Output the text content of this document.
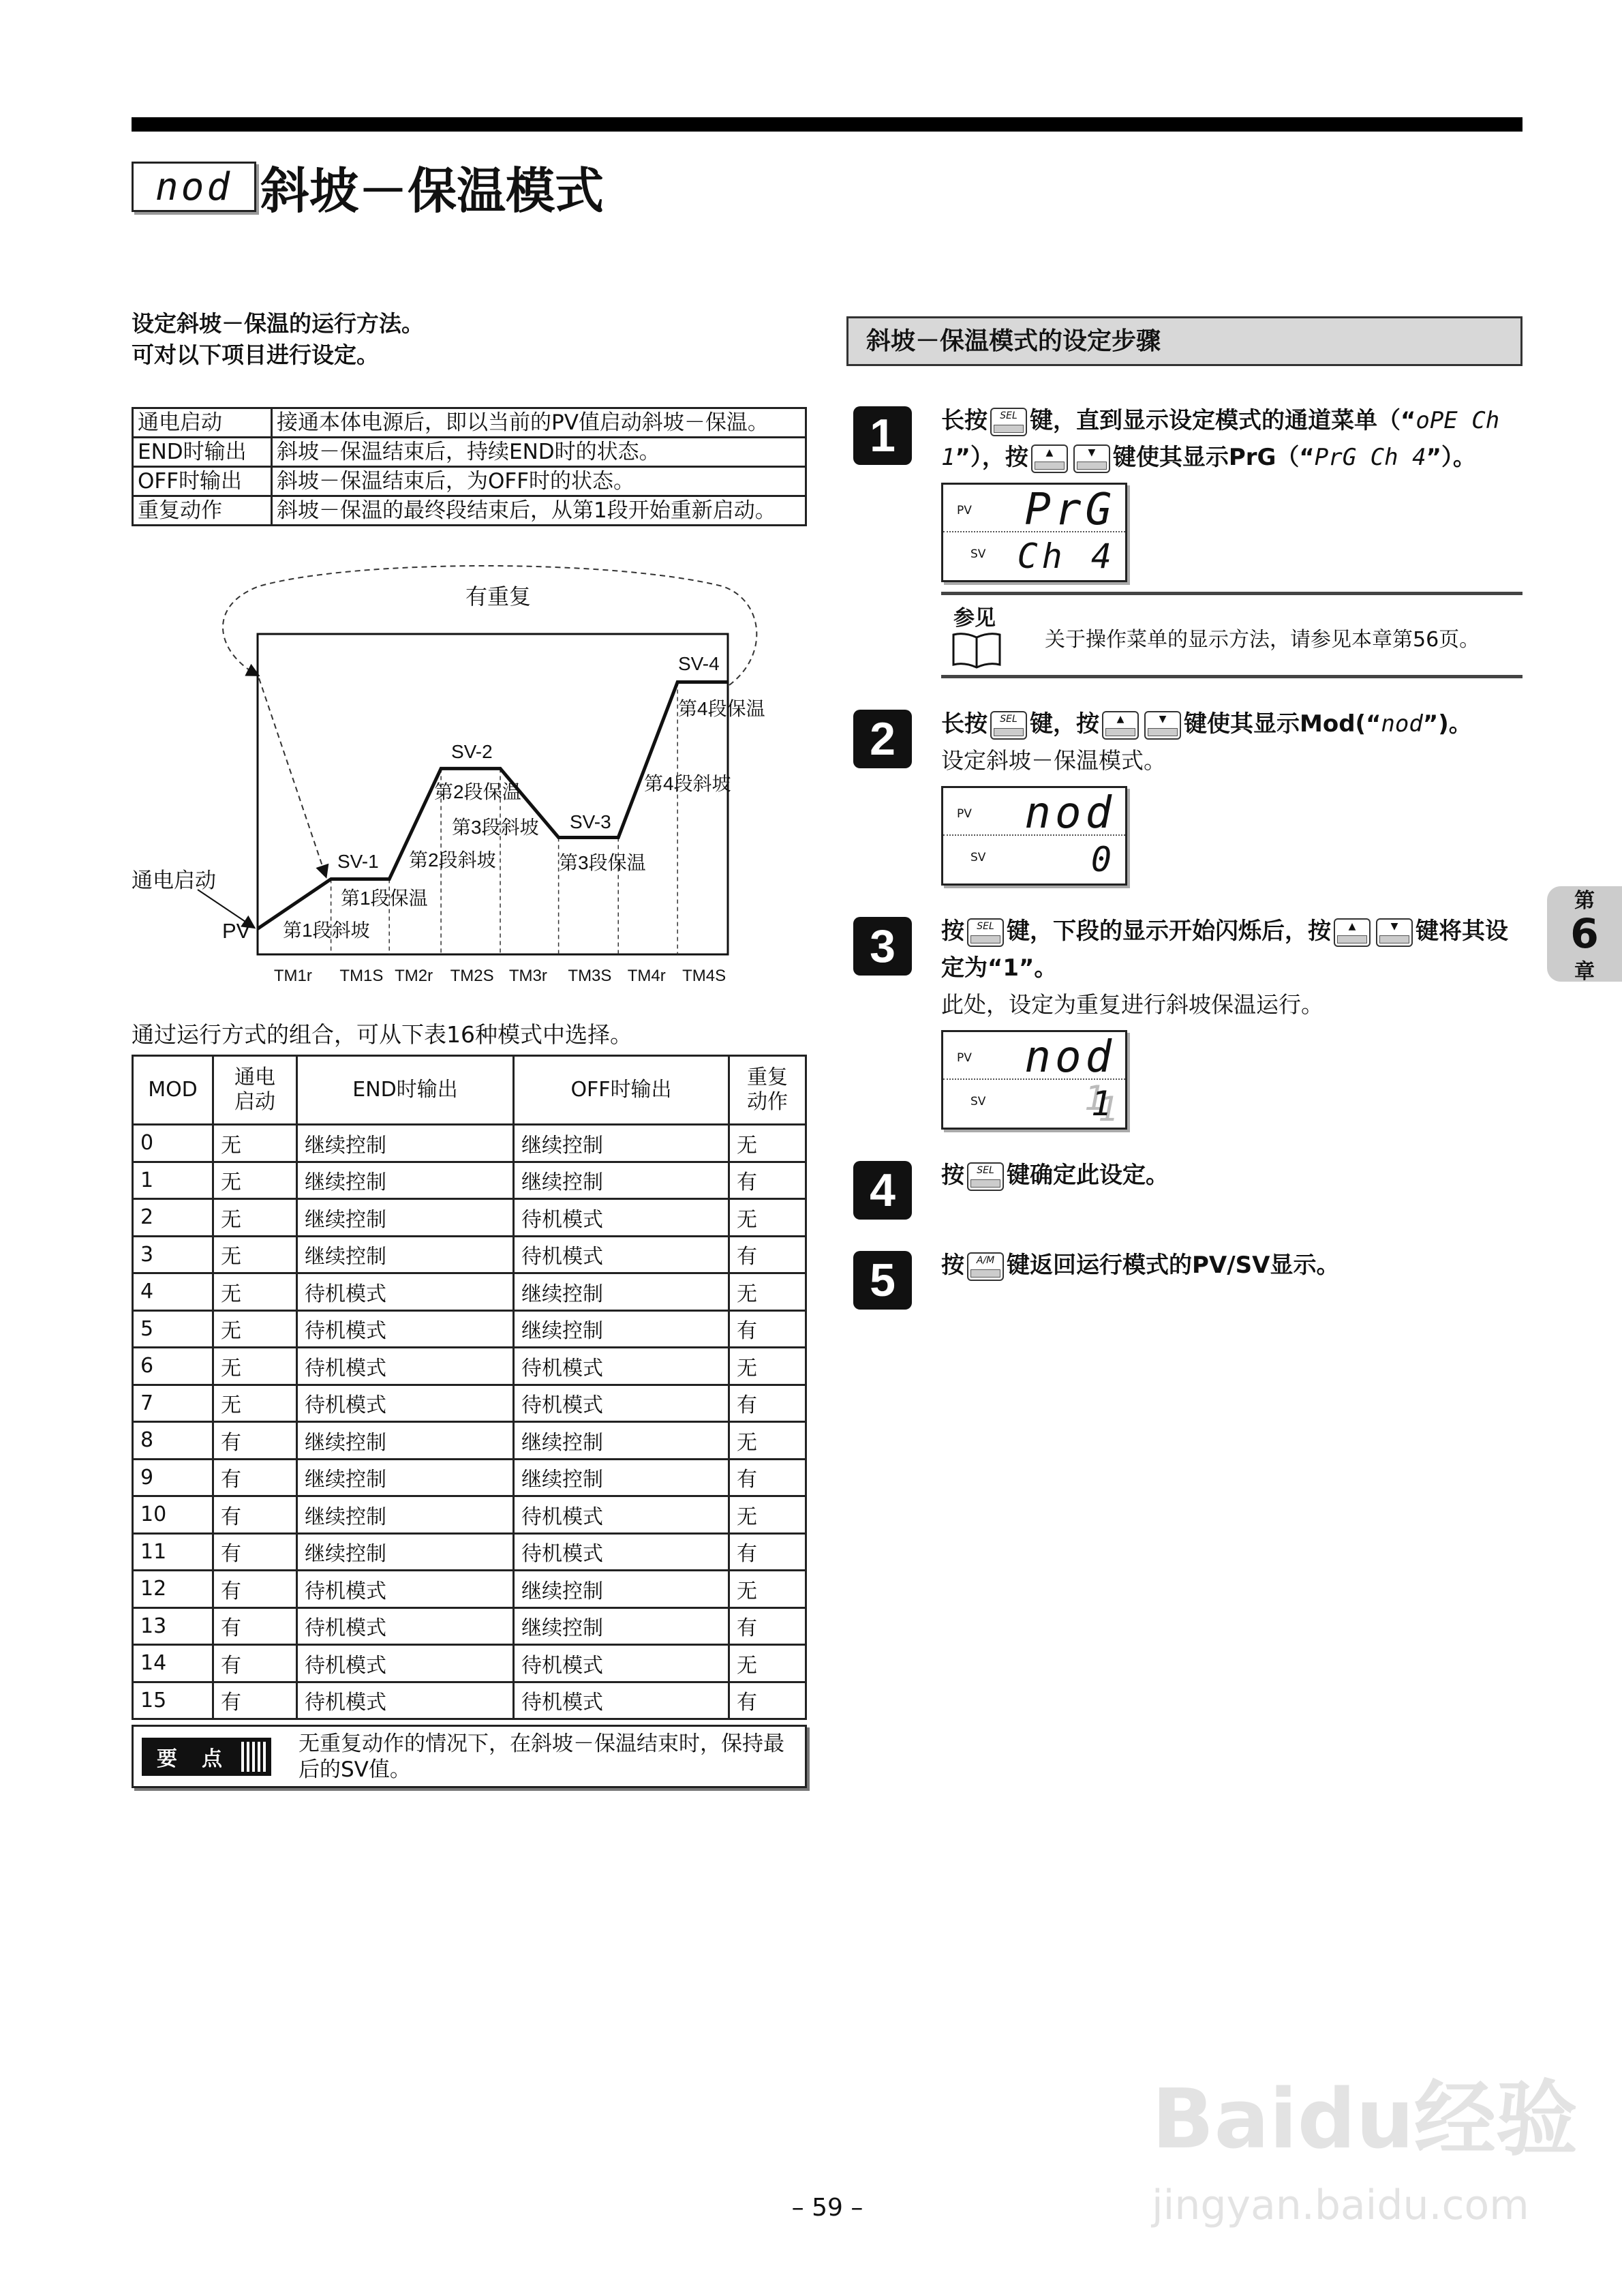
nod 斜坡－保温模式
设定斜坡－保温的运行方法。
可对以下项目进行设定。
通电启动	接通本体电源后，即以当前的PV值启动斜坡－保温。
END时输出	斜坡－保温结束后，持续END时的状态。
OFF时输出	斜坡－保温结束后，为OFF时的状态。
重复动作	斜坡－保温的最终段结束后，从第1段开始重新启动。
有重复
通电启动
PV
SV-1
SV-2
SV-3
SV-4
第1段斜坡
第1段保温
第2段斜坡
第2段保温
第3段斜坡
第3段保温
第4段斜坡
第4段保温
TM1r TM1S TM2r TM2S TM3r TM3S TM4r TM4S
通过运行方式的组合，可从下表16种模式中选择。
MOD	通电启动	END时输出	OFF时输出	重复动作
0	无	继续控制	继续控制	无
1	无	继续控制	继续控制	有
2	无	继续控制	待机模式	无
3	无	继续控制	待机模式	有
4	无	待机模式	继续控制	无
5	无	待机模式	继续控制	有
6	无	待机模式	待机模式	无
7	无	待机模式	待机模式	有
8	有	继续控制	继续控制	无
9	有	继续控制	继续控制	有
10	有	继续控制	待机模式	无
11	有	继续控制	待机模式	有
12	有	待机模式	继续控制	无
13	有	待机模式	继续控制	有
14	有	待机模式	待机模式	无
15	有	待机模式	待机模式	有
要 点
无重复动作的情况下，在斜坡－保温结束时，保持最后的SV值。
斜坡－保温模式的设定步骤
1	长按 SEL 键，直到显示设定模式的通道菜单（“oPE Ch 1”），按 ▲	▼ 键使其显示PrG（“PrG Ch 4”）。
PV PrG
SV Ch 4
参见
关于操作菜单的显示方法，请参见本章第56页。
2	长按 SEL 键，按 ▲	▼ 键使其显示Mod(“nod”)。
设定斜坡－保温模式。
PV nod
SV	0
3	按 SEL 键，下段的显示开始闪烁后，按 ▲	▼ 键将其设定为“1”。
此处，设定为重复进行斜坡保温运行。
PV nod
SV	1
4	按 SEL 键确定此设定。
5	按 A/M 键返回运行模式的PV/SV显示。
第
6
章
– 59 –
Baidu经验
jingyan.baidu.com
